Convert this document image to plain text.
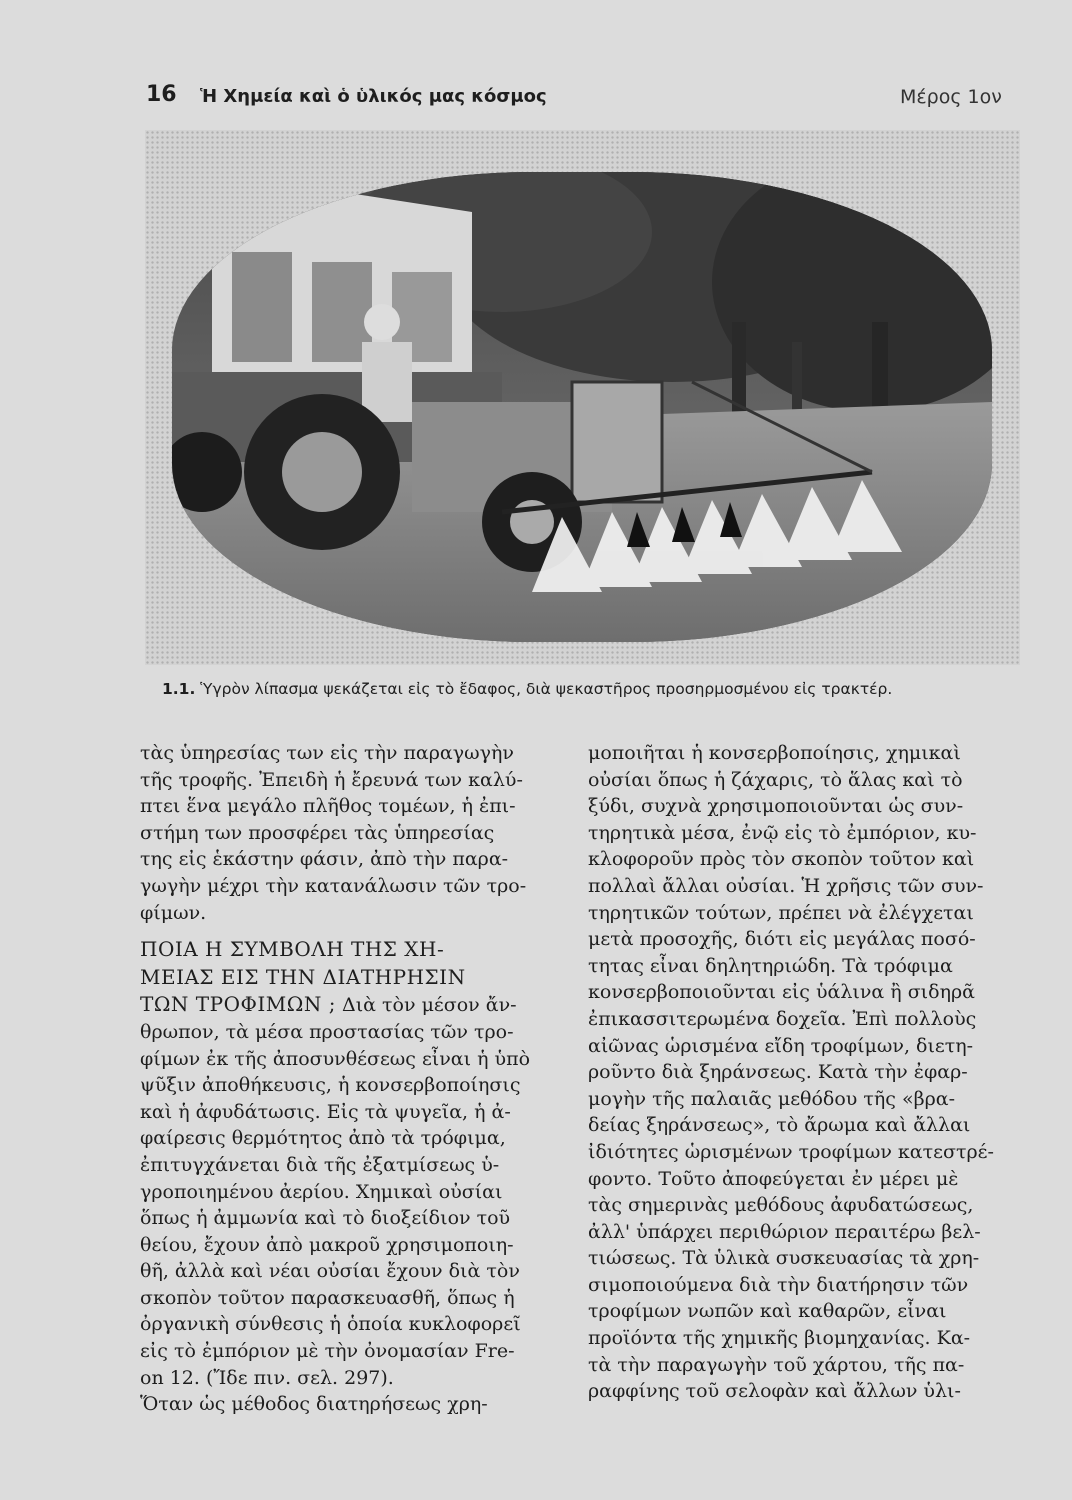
16 Ἡ Χημεία καὶ ὁ ὑλικός μας κόσμος	Μέρος 1ον
1.1. Ὑγρὸν λίπασμα ψεκάζεται εἰς τὸ ἔδαφος, διὰ ψεκαστῆρος προσηρμοσμένου εἰς τρακτέρ.

τὰς ὑπηρεσίας των εἰς τὴν παραγωγὴν
τῆς τροφῆς. Ἐπειδὴ ἡ ἔρευνά των καλύ-
πτει ἕνα μεγάλο πλῆθος τομέων, ἡ ἐπι-
στήμη των προσφέρει τὰς ὑπηρεσίας
της εἰς ἑκάστην φάσιν, ἀπὸ τὴν παρα-
γωγὴν μέχρι τὴν κατανάλωσιν τῶν τρο-
φίμων.

ΠΟΙΑ Η ΣΥΜΒΟΛΗ ΤΗΣ ΧΗ-
ΜΕΙΑΣ ΕΙΣ ΤΗΝ ΔΙΑΤΗΡΗΣΙΝ
ΤΩΝ ΤΡΟΦΙΜΩΝ ; Διὰ τὸν μέσον ἄν-
θρωπον, τὰ μέσα προστασίας τῶν τρο-
φίμων ἐκ τῆς ἀποσυνθέσεως εἶναι ἡ ὑπὸ
ψῦξιν ἀποθήκευσις, ἡ κονσερβοποίησις
καὶ ἡ ἀφυδάτωσις. Εἰς τὰ ψυγεῖα, ἡ ἀ-
φαίρεσις θερμότητος ἀπὸ τὰ τρόφιμα,
ἐπιτυγχάνεται διὰ τῆς ἐξατμίσεως ὑ-
γροποιημένου ἀερίου. Χημικαὶ οὐσίαι
ὅπως ἡ ἀμμωνία καὶ τὸ διοξείδιον τοῦ
θείου, ἔχουν ἀπὸ μακροῦ χρησιμοποιη-
θῆ, ἀλλὰ καὶ νέαι οὐσίαι ἔχουν διὰ τὸν
σκοπὸν τοῦτον παρασκευασθῆ, ὅπως ἡ
ὀργανικὴ σύνθεσις ἡ ὁποία κυκλοφορεῖ
εἰς τὸ ἐμπόριον μὲ τὴν ὀνομασίαν Fre-
on 12. (Ἴδε πιν. σελ. 297).
Ὅταν ὡς μέθοδος διατηρήσεως χρη-

μοποιῆται ἡ κονσερβοποίησις, χημικαὶ
οὐσίαι ὅπως ἡ ζάχαρις, τὸ ἅλας καὶ τὸ
ξύδι, συχνὰ χρησιμοποιοῦνται ὡς συν-
τηρητικὰ μέσα, ἐνῷ εἰς τὸ ἐμπόριον, κυ-
κλοφοροῦν πρὸς τὸν σκοπὸν τοῦτον καὶ
πολλαὶ ἄλλαι οὐσίαι. Ἡ χρῆσις τῶν συν-
τηρητικῶν τούτων, πρέπει νὰ ἐλέγχεται
μετὰ προσοχῆς, διότι εἰς μεγάλας ποσό-
τητας εἶναι δηλητηριώδη. Τὰ τρόφιμα
κονσερβοποιοῦνται εἰς ὑάλινα ἢ σιδηρᾶ
ἐπικασσιτερωμένα δοχεῖα. Ἐπὶ πολλοὺς
αἰῶνας ὡρισμένα εἴδη τροφίμων, διετη-
ροῦντο διὰ ξηράνσεως. Κατὰ τὴν ἐφαρ-
μογὴν τῆς παλαιᾶς μεθόδου τῆς «βρα-
δείας ξηράνσεως», τὸ ἄρωμα καὶ ἄλλαι
ἰδιότητες ὡρισμένων τροφίμων κατεστρέ-
φοντο. Τοῦτο ἀποφεύγεται ἐν μέρει μὲ
τὰς σημερινὰς μεθόδους ἀφυδατώσεως,
ἀλλ' ὑπάρχει περιθώριον περαιτέρω βελ-
τιώσεως. Τὰ ὑλικὰ συσκευασίας τὰ χρη-
σιμοποιούμενα διὰ τὴν διατήρησιν τῶν
τροφίμων νωπῶν καὶ καθαρῶν, εἶναι
προϊόντα τῆς χημικῆς βιομηχανίας. Κα-
τὰ τὴν παραγωγὴν τοῦ χάρτου, τῆς πα-
ραφφίνης τοῦ σελοφὰν καὶ ἄλλων ὑλι-
